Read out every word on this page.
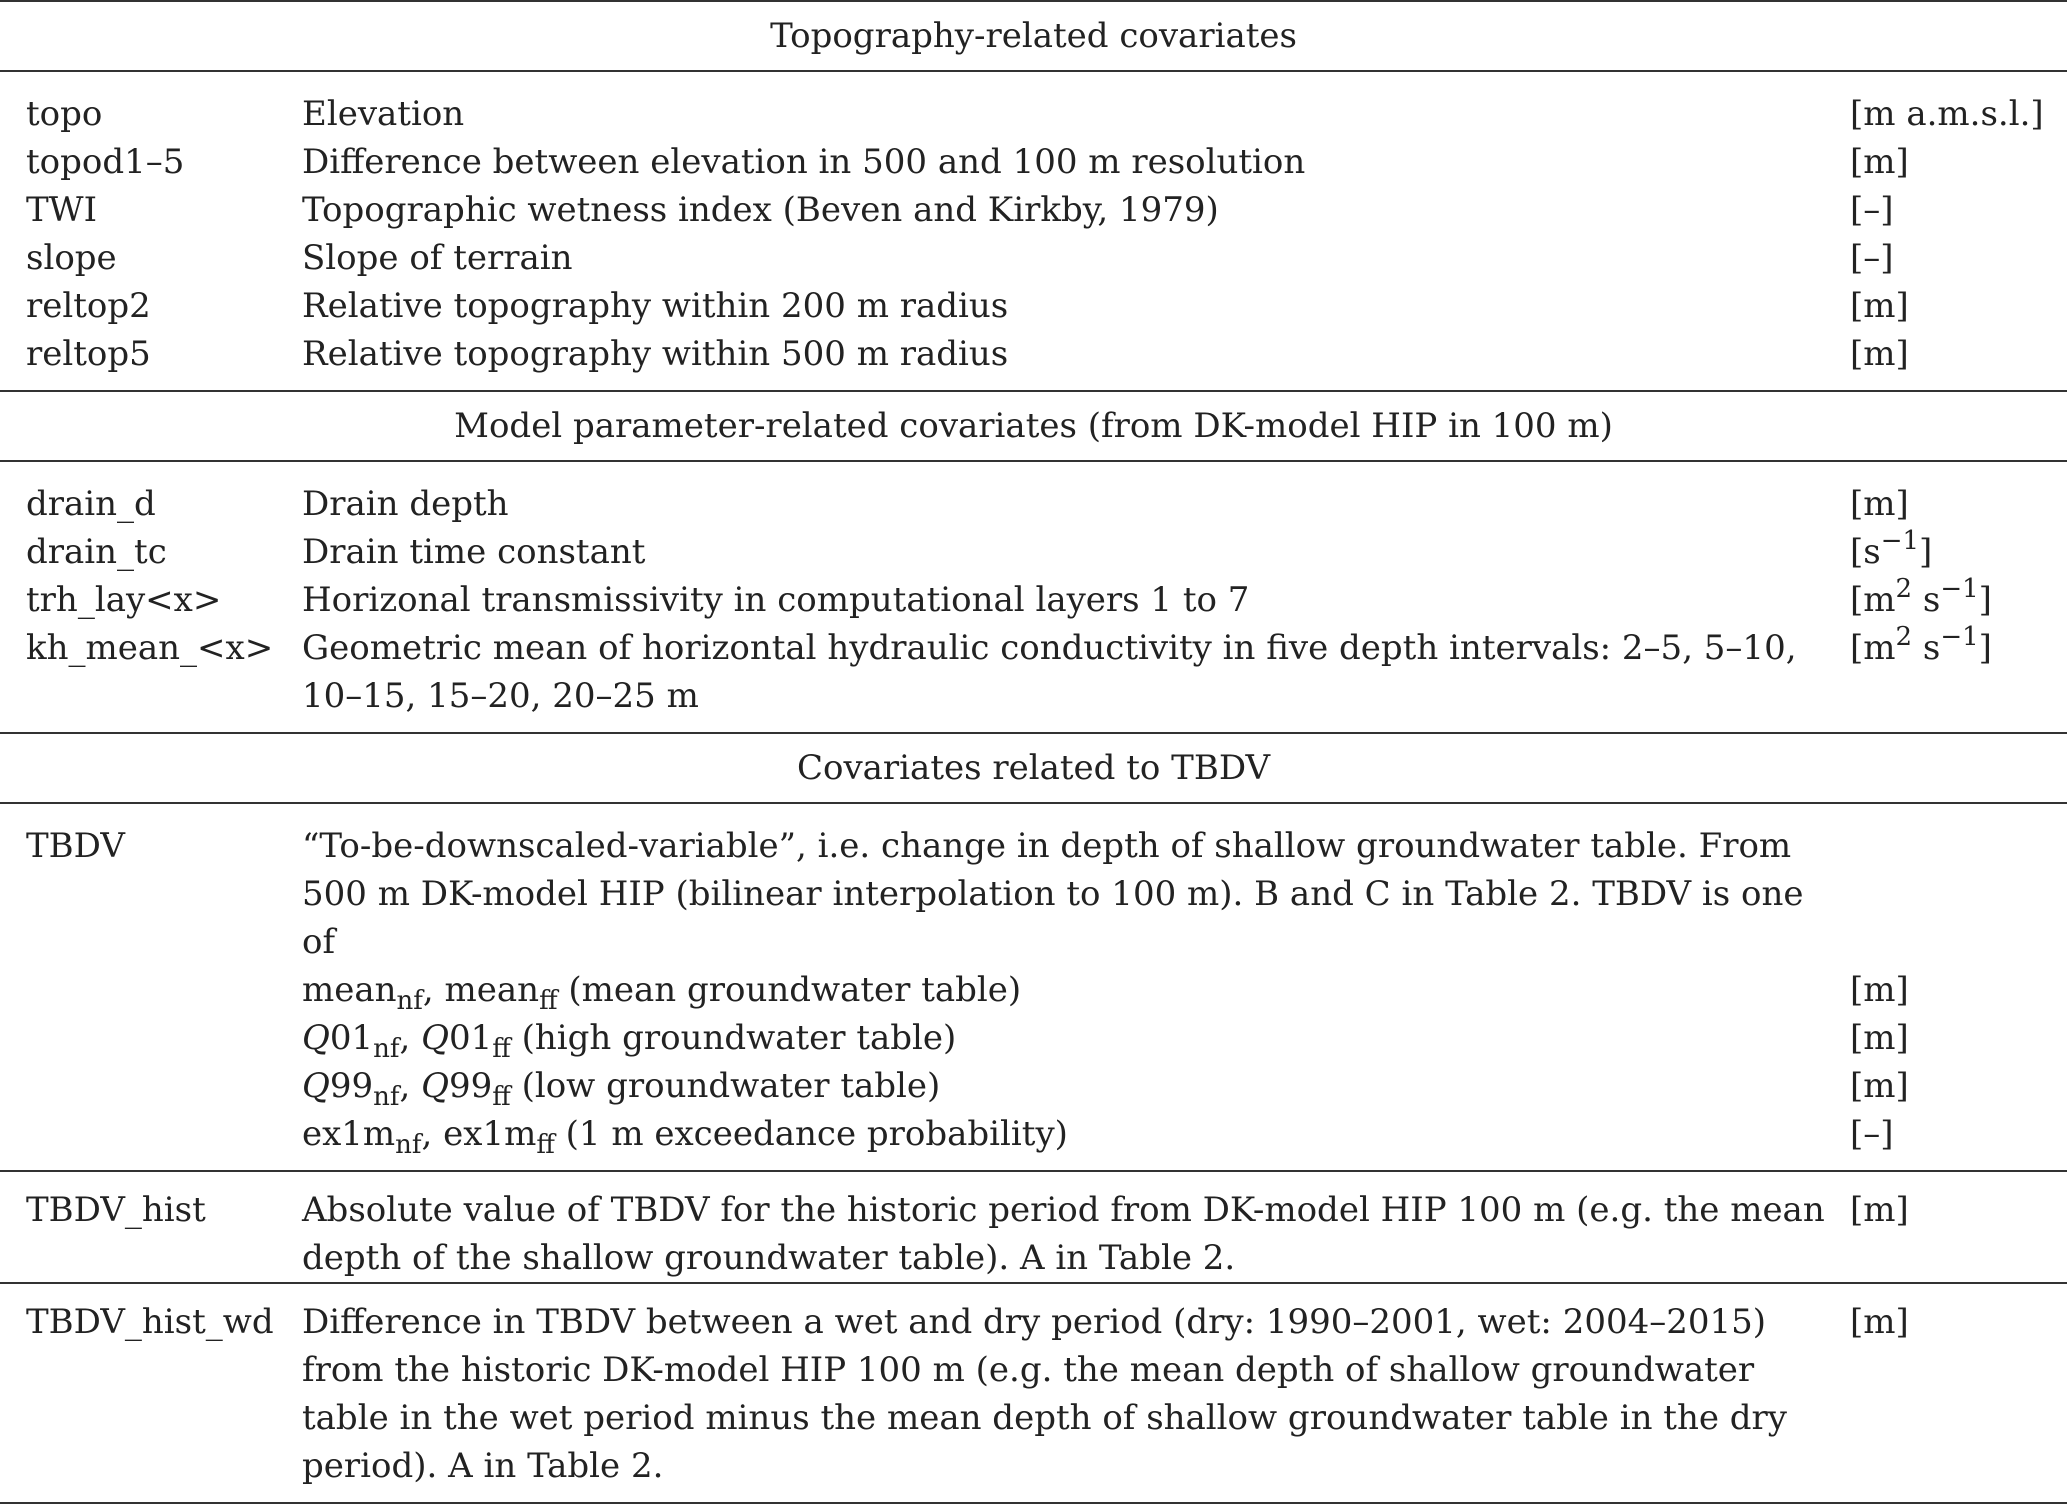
Topography-related covariates		
topo	Elevation	[m a.m.s.l.]
topod1–5	Difference between elevation in 500 and 100 m resolution	[m]
TWI	Topographic wetness index (Beven and Kirkby, 1979)	[–]
slope	Slope of terrain	[–]
reltop2	Relative topography within 200 m radius	[m]
reltop5	Relative topography within 500 m radius	[m]
Model parameter-related covariates (from DK-model HIP in 100 m)		
drain_d	Drain depth	[m]
drain_tc	Drain time constant	$[s^{-1}]$
trh_lay<x>	Horizonal transmissivity in computational layers 1 to 7	[$m^2$ $s^{-1}$]
kh_mean_<x>	Geometric mean of horizontal hydraulic conductivity in five depth intervals: 2–5, 5–10, 10–15, 15–20, 20–25 m	[$m^2$ $s^{-1}$]
Covariates related to TBDV		
TBDV	“To-be-downscaled-variable”, i.e. change in depth of shallow groundwater table. From 500 m DK-model HIP (bilinear interpolation to 100 m). B and C in Table 2. TBDV is one of	
	mean$_{nf}$, mean$_{ff}$ (mean groundwater table)	[m]
	$Q01_{nf}$, $Q01_{ff}$ (high groundwater table)	[m]
	$Q99_{nf}$, $Q99_{ff}$ (low groundwater table)	[m]
	$ex1m_{nf}$, $ex1m_{ff}$ (1 m exceedance probability)	[–]
TBDV_hist	Absolute value of TBDV for the historic period from DK-model HIP 100 m (e.g. the mean depth of the shallow groundwater table). A in Table 2.	[m]
TBDV_hist_wd	Difference in TBDV between a wet and dry period (dry: 1990–2001, wet: 2004–2015) from the historic DK-model HIP 100 m (e.g. the mean depth of shallow groundwater table in the wet period minus the mean depth of shallow groundwater table in the dry period). A in Table 2.	[m]
